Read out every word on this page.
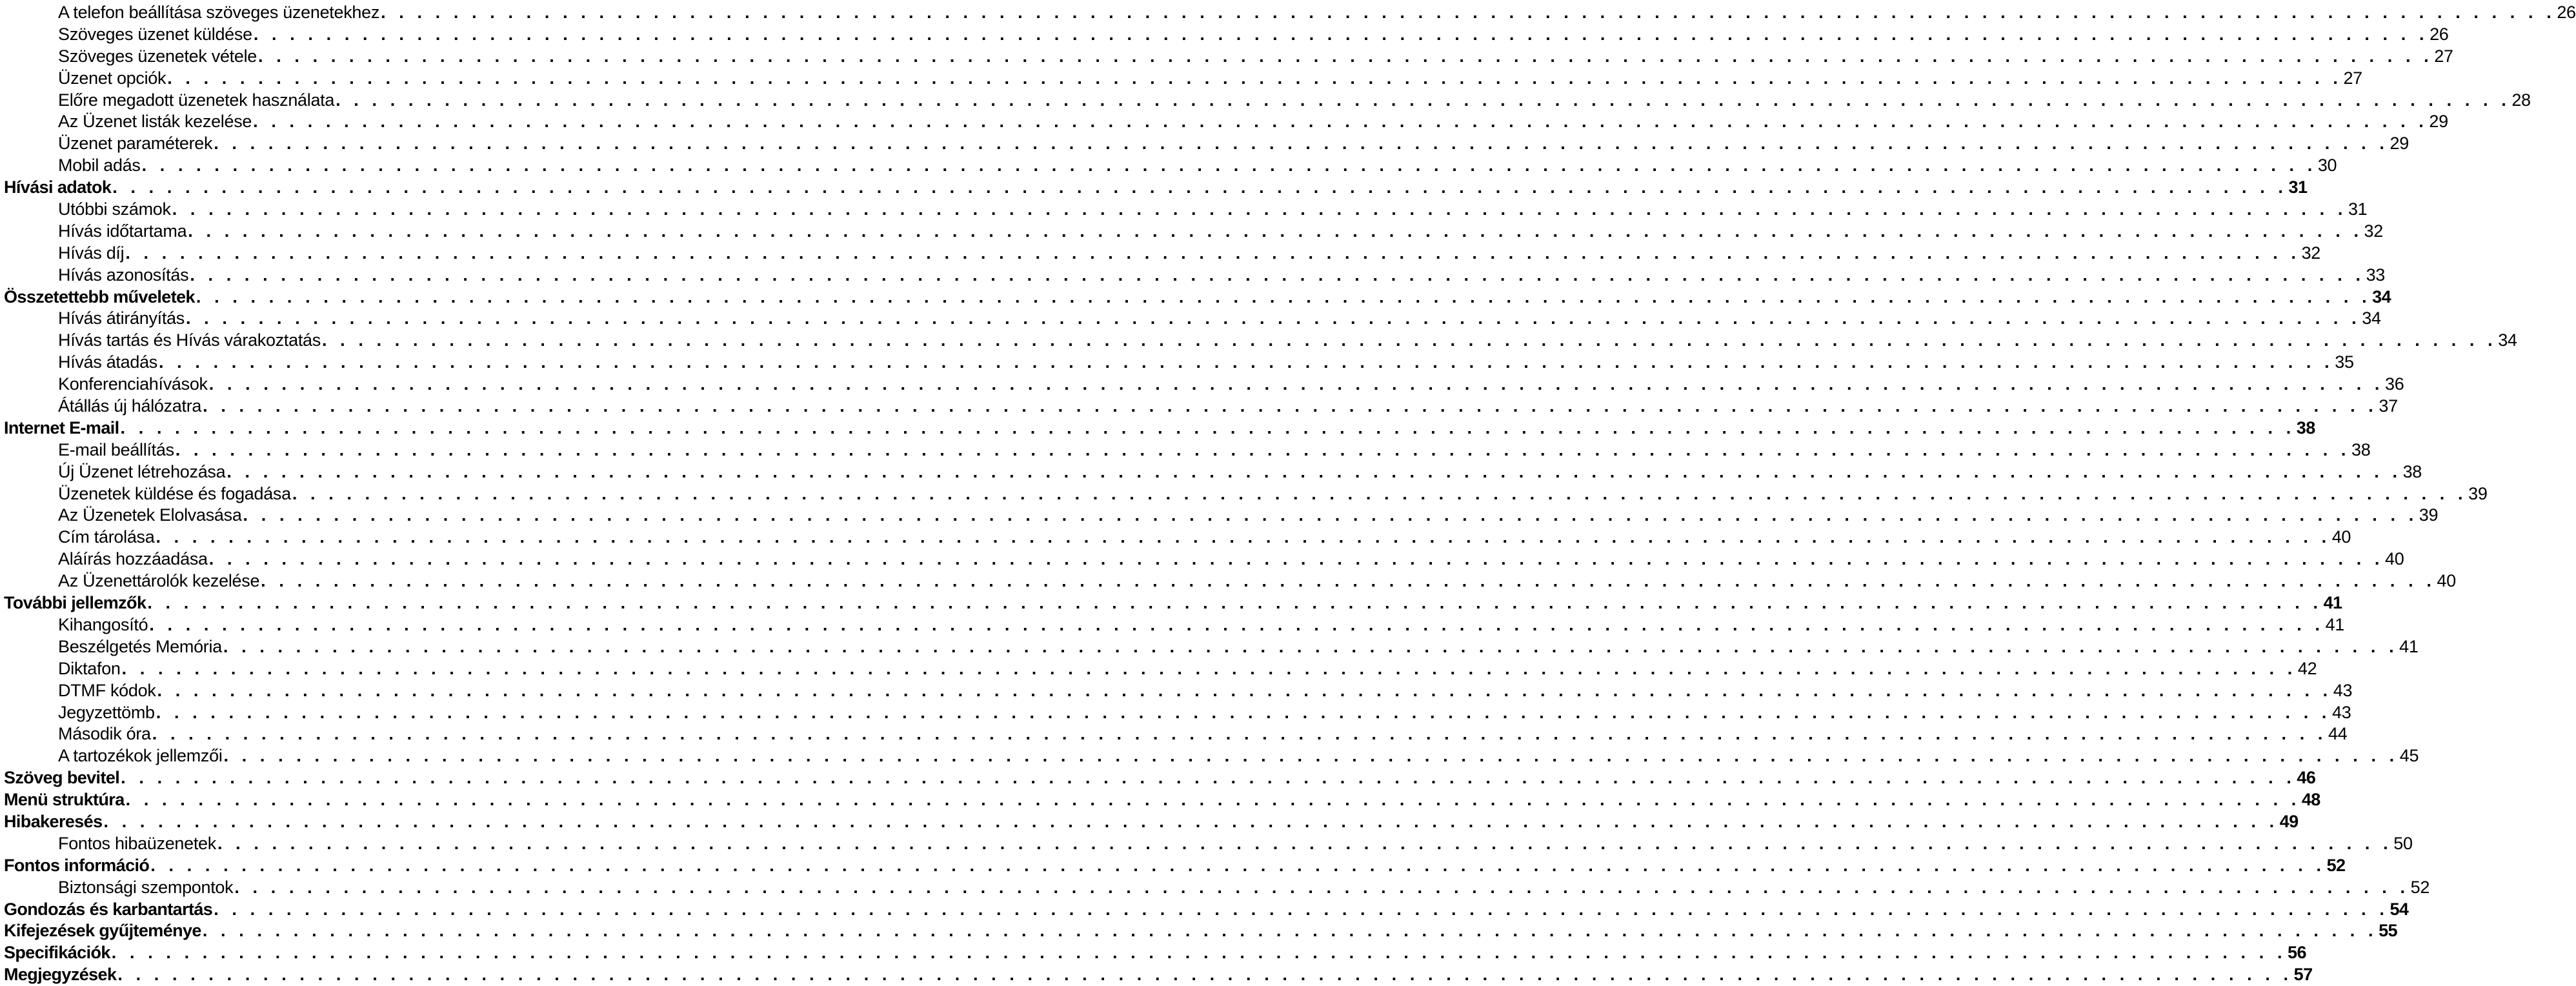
A telefon beállítása szöveges üzenetekhez . . . . . . . . . . . . . . . . . . . . . . . . . . . . . . . . . . . . . . . . . . . . . . . . . . . . . . . . . . . . . . . . . . . . . . . . . . . . . . . . . . . . . . . . . . . . . . . . . . . . . . . . . . . . . . . . . . . . . . . . 26
Szöveges üzenet küldése . . . . . . . . . . . . . . . . . . . . . . . . . . . . . . . . . . . . . . . . . . . . . . . . . . . . . . . . . . . . . . . . . . . . . . . . . . . . . . . . . . . . . . . . . . . . . . . . . . . . . . . . . . . . . . . . . . . . . . . . 26
Szöveges üzenetek vétele . . . . . . . . . . . . . . . . . . . . . . . . . . . . . . . . . . . . . . . . . . . . . . . . . . . . . . . . . . . . . . . . . . . . . . . . . . . . . . . . . . . . . . . . . . . . . . . . . . . . . . . . . . . . . . . . . . . . . . . . 27
Üzenet opciók . . . . . . . . . . . . . . . . . . . . . . . . . . . . . . . . . . . . . . . . . . . . . . . . . . . . . . . . . . . . . . . . . . . . . . . . . . . . . . . . . . . . . . . . . . . . . . . . . . . . . . . . . . . . . . . . . . . . . . . . 27
Előre megadott üzenetek használata . . . . . . . . . . . . . . . . . . . . . . . . . . . . . . . . . . . . . . . . . . . . . . . . . . . . . . . . . . . . . . . . . . . . . . . . . . . . . . . . . . . . . . . . . . . . . . . . . . . . . . . . . . . . . . . . . . . . . . . . 28
Az Üzenet listák kezelése . . . . . . . . . . . . . . . . . . . . . . . . . . . . . . . . . . . . . . . . . . . . . . . . . . . . . . . . . . . . . . . . . . . . . . . . . . . . . . . . . . . . . . . . . . . . . . . . . . . . . . . . . . . . . . . . . . . . . . . . 29
Üzenet paraméterek . . . . . . . . . . . . . . . . . . . . . . . . . . . . . . . . . . . . . . . . . . . . . . . . . . . . . . . . . . . . . . . . . . . . . . . . . . . . . . . . . . . . . . . . . . . . . . . . . . . . . . . . . . . . . . . . . . . . . . . . 29
Mobil adás . . . . . . . . . . . . . . . . . . . . . . . . . . . . . . . . . . . . . . . . . . . . . . . . . . . . . . . . . . . . . . . . . . . . . . . . . . . . . . . . . . . . . . . . . . . . . . . . . . . . . . . . . . . . . . . . . . . . . . . . 30
Hívási adatok . . . . . . . . . . . . . . . . . . . . . . . . . . . . . . . . . . . . . . . . . . . . . . . . . . . . . . . . . . . . . . . . . . . . . . . . . . . . . . . . . . . . . . . . . . . . . . . . . . . . . . . . . . . . . . . . . . . . . . . . 31
Utóbbi számok . . . . . . . . . . . . . . . . . . . . . . . . . . . . . . . . . . . . . . . . . . . . . . . . . . . . . . . . . . . . . . . . . . . . . . . . . . . . . . . . . . . . . . . . . . . . . . . . . . . . . . . . . . . . . . . . . . . . . . . . 31
Hívás időtartama . . . . . . . . . . . . . . . . . . . . . . . . . . . . . . . . . . . . . . . . . . . . . . . . . . . . . . . . . . . . . . . . . . . . . . . . . . . . . . . . . . . . . . . . . . . . . . . . . . . . . . . . . . . . . . . . . . . . . . . . 32
Hívás díj . . . . . . . . . . . . . . . . . . . . . . . . . . . . . . . . . . . . . . . . . . . . . . . . . . . . . . . . . . . . . . . . . . . . . . . . . . . . . . . . . . . . . . . . . . . . . . . . . . . . . . . . . . . . . . . . . . . . . . . . 32
Hívás azonosítás . . . . . . . . . . . . . . . . . . . . . . . . . . . . . . . . . . . . . . . . . . . . . . . . . . . . . . . . . . . . . . . . . . . . . . . . . . . . . . . . . . . . . . . . . . . . . . . . . . . . . . . . . . . . . . . . . . . . . . . . 33
Összetettebb műveletek . . . . . . . . . . . . . . . . . . . . . . . . . . . . . . . . . . . . . . . . . . . . . . . . . . . . . . . . . . . . . . . . . . . . . . . . . . . . . . . . . . . . . . . . . . . . . . . . . . . . . . . . . . . . . . . . . . . . . . . . 34
Hívás átirányítás . . . . . . . . . . . . . . . . . . . . . . . . . . . . . . . . . . . . . . . . . . . . . . . . . . . . . . . . . . . . . . . . . . . . . . . . . . . . . . . . . . . . . . . . . . . . . . . . . . . . . . . . . . . . . . . . . . . . . . . . 34
Hívás tartás és Hívás várakoztatás . . . . . . . . . . . . . . . . . . . . . . . . . . . . . . . . . . . . . . . . . . . . . . . . . . . . . . . . . . . . . . . . . . . . . . . . . . . . . . . . . . . . . . . . . . . . . . . . . . . . . . . . . . . . . . . . . . . . . . . . 34
Hívás átadás . . . . . . . . . . . . . . . . . . . . . . . . . . . . . . . . . . . . . . . . . . . . . . . . . . . . . . . . . . . . . . . . . . . . . . . . . . . . . . . . . . . . . . . . . . . . . . . . . . . . . . . . . . . . . . . . . . . . . . . . 35
Konferenciahívások . . . . . . . . . . . . . . . . . . . . . . . . . . . . . . . . . . . . . . . . . . . . . . . . . . . . . . . . . . . . . . . . . . . . . . . . . . . . . . . . . . . . . . . . . . . . . . . . . . . . . . . . . . . . . . . . . . . . . . . . 36
Átállás új hálózatra . . . . . . . . . . . . . . . . . . . . . . . . . . . . . . . . . . . . . . . . . . . . . . . . . . . . . . . . . . . . . . . . . . . . . . . . . . . . . . . . . . . . . . . . . . . . . . . . . . . . . . . . . . . . . . . . . . . . . . . . 37
Internet E-mail . . . . . . . . . . . . . . . . . . . . . . . . . . . . . . . . . . . . . . . . . . . . . . . . . . . . . . . . . . . . . . . . . . . . . . . . . . . . . . . . . . . . . . . . . . . . . . . . . . . . . . . . . . . . . . . . . . . . . . . . 38
E-mail beállítás . . . . . . . . . . . . . . . . . . . . . . . . . . . . . . . . . . . . . . . . . . . . . . . . . . . . . . . . . . . . . . . . . . . . . . . . . . . . . . . . . . . . . . . . . . . . . . . . . . . . . . . . . . . . . . . . . . . . . . . . 38
Új Üzenet létrehozása . . . . . . . . . . . . . . . . . . . . . . . . . . . . . . . . . . . . . . . . . . . . . . . . . . . . . . . . . . . . . . . . . . . . . . . . . . . . . . . . . . . . . . . . . . . . . . . . . . . . . . . . . . . . . . . . . . . . . . . . 38
Üzenetek küldése és fogadása . . . . . . . . . . . . . . . . . . . . . . . . . . . . . . . . . . . . . . . . . . . . . . . . . . . . . . . . . . . . . . . . . . . . . . . . . . . . . . . . . . . . . . . . . . . . . . . . . . . . . . . . . . . . . . . . . . . . . . . . 39
Az Üzenetek Elolvasása . . . . . . . . . . . . . . . . . . . . . . . . . . . . . . . . . . . . . . . . . . . . . . . . . . . . . . . . . . . . . . . . . . . . . . . . . . . . . . . . . . . . . . . . . . . . . . . . . . . . . . . . . . . . . . . . . . . . . . . . 39
Cím tárolása . . . . . . . . . . . . . . . . . . . . . . . . . . . . . . . . . . . . . . . . . . . . . . . . . . . . . . . . . . . . . . . . . . . . . . . . . . . . . . . . . . . . . . . . . . . . . . . . . . . . . . . . . . . . . . . . . . . . . . . . 40
Aláírás hozzáadása . . . . . . . . . . . . . . . . . . . . . . . . . . . . . . . . . . . . . . . . . . . . . . . . . . . . . . . . . . . . . . . . . . . . . . . . . . . . . . . . . . . . . . . . . . . . . . . . . . . . . . . . . . . . . . . . . . . . . . . . 40
Az Üzenettárolók kezelése . . . . . . . . . . . . . . . . . . . . . . . . . . . . . . . . . . . . . . . . . . . . . . . . . . . . . . . . . . . . . . . . . . . . . . . . . . . . . . . . . . . . . . . . . . . . . . . . . . . . . . . . . . . . . . . . . . . . . . . . 40
További jellemzők . . . . . . . . . . . . . . . . . . . . . . . . . . . . . . . . . . . . . . . . . . . . . . . . . . . . . . . . . . . . . . . . . . . . . . . . . . . . . . . . . . . . . . . . . . . . . . . . . . . . . . . . . . . . . . . . . . . . . . . . 41
Kihangosító . . . . . . . . . . . . . . . . . . . . . . . . . . . . . . . . . . . . . . . . . . . . . . . . . . . . . . . . . . . . . . . . . . . . . . . . . . . . . . . . . . . . . . . . . . . . . . . . . . . . . . . . . . . . . . . . . . . . . . . . 41
Beszélgetés Memória . . . . . . . . . . . . . . . . . . . . . . . . . . . . . . . . . . . . . . . . . . . . . . . . . . . . . . . . . . . . . . . . . . . . . . . . . . . . . . . . . . . . . . . . . . . . . . . . . . . . . . . . . . . . . . . . . . . . . . . . 41
Diktafon . . . . . . . . . . . . . . . . . . . . . . . . . . . . . . . . . . . . . . . . . . . . . . . . . . . . . . . . . . . . . . . . . . . . . . . . . . . . . . . . . . . . . . . . . . . . . . . . . . . . . . . . . . . . . . . . . . . . . . . . 42
DTMF kódok . . . . . . . . . . . . . . . . . . . . . . . . . . . . . . . . . . . . . . . . . . . . . . . . . . . . . . . . . . . . . . . . . . . . . . . . . . . . . . . . . . . . . . . . . . . . . . . . . . . . . . . . . . . . . . . . . . . . . . . . 43
Jegyzettömb . . . . . . . . . . . . . . . . . . . . . . . . . . . . . . . . . . . . . . . . . . . . . . . . . . . . . . . . . . . . . . . . . . . . . . . . . . . . . . . . . . . . . . . . . . . . . . . . . . . . . . . . . . . . . . . . . . . . . . . . 43
Második óra . . . . . . . . . . . . . . . . . . . . . . . . . . . . . . . . . . . . . . . . . . . . . . . . . . . . . . . . . . . . . . . . . . . . . . . . . . . . . . . . . . . . . . . . . . . . . . . . . . . . . . . . . . . . . . . . . . . . . . . . 44
A tartozékok jellemzői . . . . . . . . . . . . . . . . . . . . . . . . . . . . . . . . . . . . . . . . . . . . . . . . . . . . . . . . . . . . . . . . . . . . . . . . . . . . . . . . . . . . . . . . . . . . . . . . . . . . . . . . . . . . . . . . . . . . . . . . 45
Szöveg bevitel . . . . . . . . . . . . . . . . . . . . . . . . . . . . . . . . . . . . . . . . . . . . . . . . . . . . . . . . . . . . . . . . . . . . . . . . . . . . . . . . . . . . . . . . . . . . . . . . . . . . . . . . . . . . . . . . . . . . . . . . 46
Menü struktúra . . . . . . . . . . . . . . . . . . . . . . . . . . . . . . . . . . . . . . . . . . . . . . . . . . . . . . . . . . . . . . . . . . . . . . . . . . . . . . . . . . . . . . . . . . . . . . . . . . . . . . . . . . . . . . . . . . . . . . . . 48
Hibakeresés . . . . . . . . . . . . . . . . . . . . . . . . . . . . . . . . . . . . . . . . . . . . . . . . . . . . . . . . . . . . . . . . . . . . . . . . . . . . . . . . . . . . . . . . . . . . . . . . . . . . . . . . . . . . . . . . . . . . . . . . 49
Fontos hibaüzenetek . . . . . . . . . . . . . . . . . . . . . . . . . . . . . . . . . . . . . . . . . . . . . . . . . . . . . . . . . . . . . . . . . . . . . . . . . . . . . . . . . . . . . . . . . . . . . . . . . . . . . . . . . . . . . . . . . . . . . . . . 50
Fontos információ . . . . . . . . . . . . . . . . . . . . . . . . . . . . . . . . . . . . . . . . . . . . . . . . . . . . . . . . . . . . . . . . . . . . . . . . . . . . . . . . . . . . . . . . . . . . . . . . . . . . . . . . . . . . . . . . . . . . . . . . 52
Biztonsági szempontok . . . . . . . . . . . . . . . . . . . . . . . . . . . . . . . . . . . . . . . . . . . . . . . . . . . . . . . . . . . . . . . . . . . . . . . . . . . . . . . . . . . . . . . . . . . . . . . . . . . . . . . . . . . . . . . . . . . . . . . . 52
Gondozás és karbantartás . . . . . . . . . . . . . . . . . . . . . . . . . . . . . . . . . . . . . . . . . . . . . . . . . . . . . . . . . . . . . . . . . . . . . . . . . . . . . . . . . . . . . . . . . . . . . . . . . . . . . . . . . . . . . . . . . . . . . . . . 54
Kifejezések gyűjteménye . . . . . . . . . . . . . . . . . . . . . . . . . . . . . . . . . . . . . . . . . . . . . . . . . . . . . . . . . . . . . . . . . . . . . . . . . . . . . . . . . . . . . . . . . . . . . . . . . . . . . . . . . . . . . . . . . . . . . . . . 55
Specifikációk . . . . . . . . . . . . . . . . . . . . . . . . . . . . . . . . . . . . . . . . . . . . . . . . . . . . . . . . . . . . . . . . . . . . . . . . . . . . . . . . . . . . . . . . . . . . . . . . . . . . . . . . . . . . . . . . . . . . . . . . 56
Megjegyzések . . . . . . . . . . . . . . . . . . . . . . . . . . . . . . . . . . . . . . . . . . . . . . . . . . . . . . . . . . . . . . . . . . . . . . . . . . . . . . . . . . . . . . . . . . . . . . . . . . . . . . . . . . . . . . . . . . . . . . . . 57
